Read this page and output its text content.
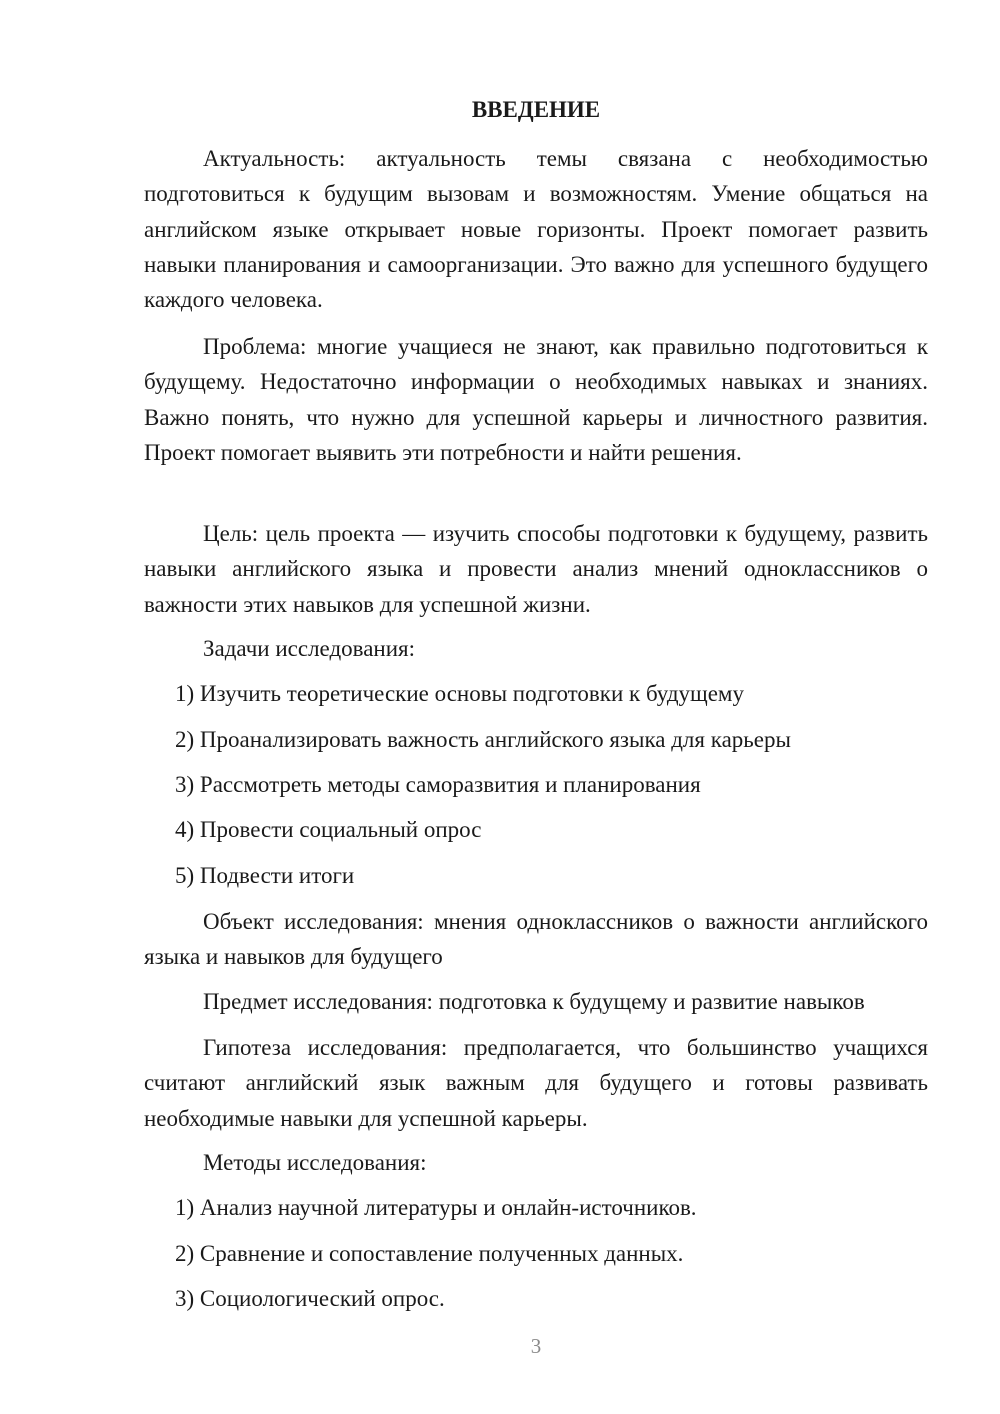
ВВЕДЕНИЕ
Актуальность: актуальность темы связана с необходимостью подготовиться к будущим вызовам и возможностям. Умение общаться на английском языке открывает новые горизонты. Проект помогает развить навыки планирования и самоорганизации. Это важно для успешного будущего каждого человека.
Проблема: многие учащиеся не знают, как правильно подготовиться к будущему. Недостаточно информации о необходимых навыках и знаниях. Важно понять, что нужно для успешной карьеры и личностного развития. Проект помогает выявить эти потребности и найти решения.
Цель: цель проекта — изучить способы подготовки к будущему, развить навыки английского языка и провести анализ мнений одноклассников о важности этих навыков для успешной жизни.
Задачи исследования:
1) Изучить теоретические основы подготовки к будущему
2) Проанализировать важность английского языка для карьеры
3) Рассмотреть методы саморазвития и планирования
4) Провести социальный опрос
5) Подвести итоги
Объект исследования: мнения одноклассников о важности английского языка и навыков для будущего
Предмет исследования: подготовка к будущему и развитие навыков
Гипотеза исследования: предполагается, что большинство учащихся считают английский язык важным для будущего и готовы развивать необходимые навыки для успешной карьеры.
Методы исследования:
1) Анализ научной литературы и онлайн-источников.
2) Сравнение и сопоставление полученных данных.
3) Социологический опрос.
3
